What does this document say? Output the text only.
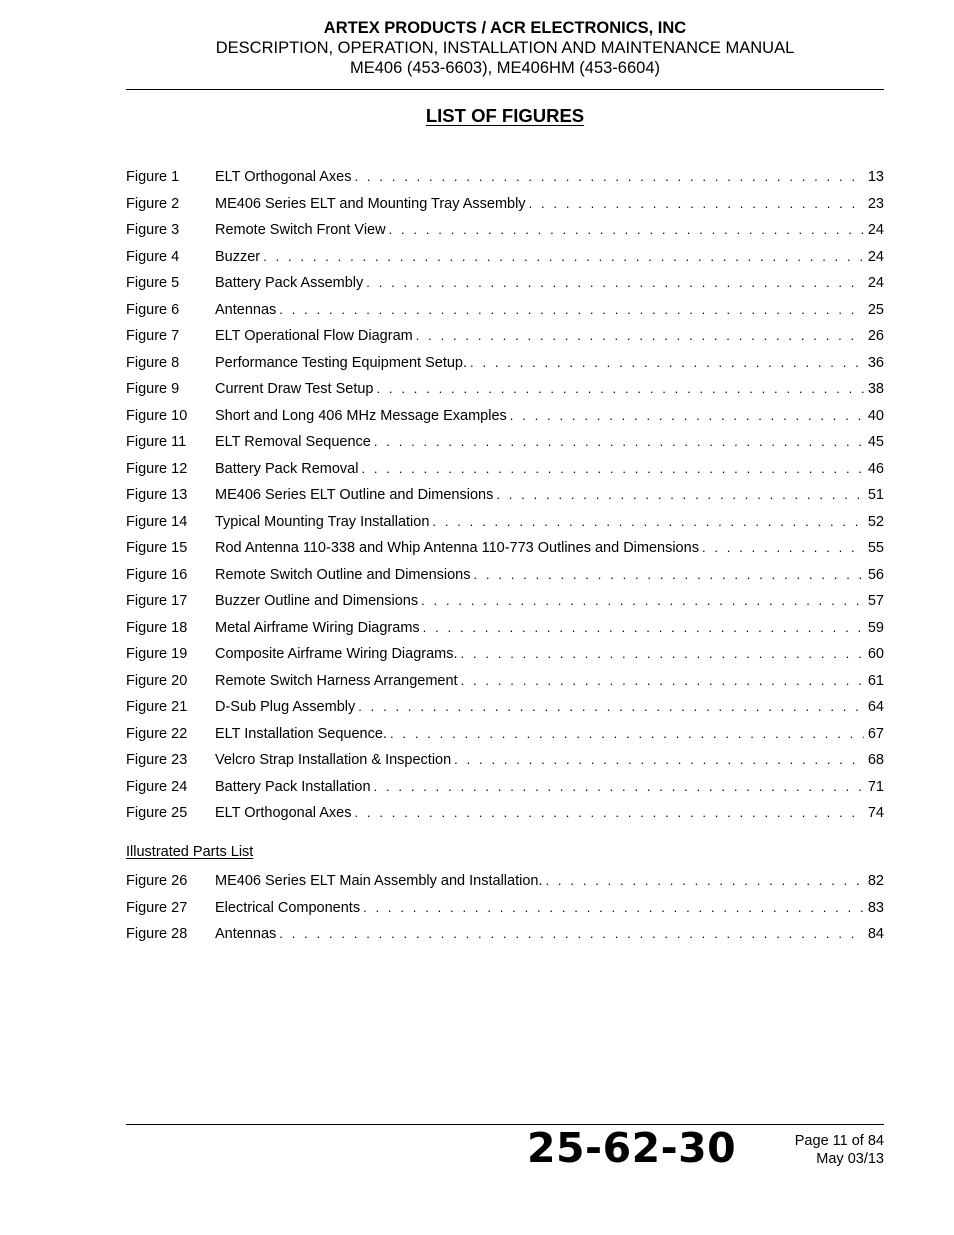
ARTEX PRODUCTS / ACR ELECTRONICS, INC
DESCRIPTION, OPERATION, INSTALLATION AND MAINTENANCE MANUAL
ME406 (453-6603), ME406HM (453-6604)
LIST OF FIGURES
Figure 1	ELT Orthogonal Axes . . .	13
Figure 2	ME406 Series ELT and Mounting Tray Assembly . . .	23
Figure 3	Remote Switch Front View . . .	24
Figure 4	Buzzer . . .	24
Figure 5	Battery Pack Assembly . . .	24
Figure 6	Antennas . . .	25
Figure 7	ELT Operational Flow Diagram . . .	26
Figure 8	Performance Testing Equipment Setup. . . .	36
Figure 9	Current Draw Test Setup . . .	38
Figure 10	Short and Long 406 MHz Message Examples . . .	40
Figure 11	ELT Removal Sequence . . .	45
Figure 12	Battery Pack Removal . . .	46
Figure 13	ME406 Series ELT Outline and Dimensions . . .	51
Figure 14	Typical Mounting Tray Installation . . .	52
Figure 15	Rod Antenna 110-338 and Whip Antenna 110-773 Outlines and Dimensions . . .	55
Figure 16	Remote Switch Outline and Dimensions . . .	56
Figure 17	Buzzer Outline and Dimensions . . .	57
Figure 18	Metal Airframe Wiring Diagrams . . .	59
Figure 19	Composite Airframe Wiring Diagrams. . . .	60
Figure 20	Remote Switch Harness Arrangement . . .	61
Figure 21	D-Sub Plug Assembly . . .	64
Figure 22	ELT Installation Sequence. . . .	67
Figure 23	Velcro Strap Installation & Inspection . . .	68
Figure 24	Battery Pack Installation . . .	71
Figure 25	ELT Orthogonal Axes . . .	74
Illustrated Parts List
Figure 26	ME406 Series ELT Main Assembly and Installation. . . .	82
Figure 27	Electrical Components . . .	83
Figure 28	Antennas . . .	84
25-62-30	Page 11 of 84
May 03/13
